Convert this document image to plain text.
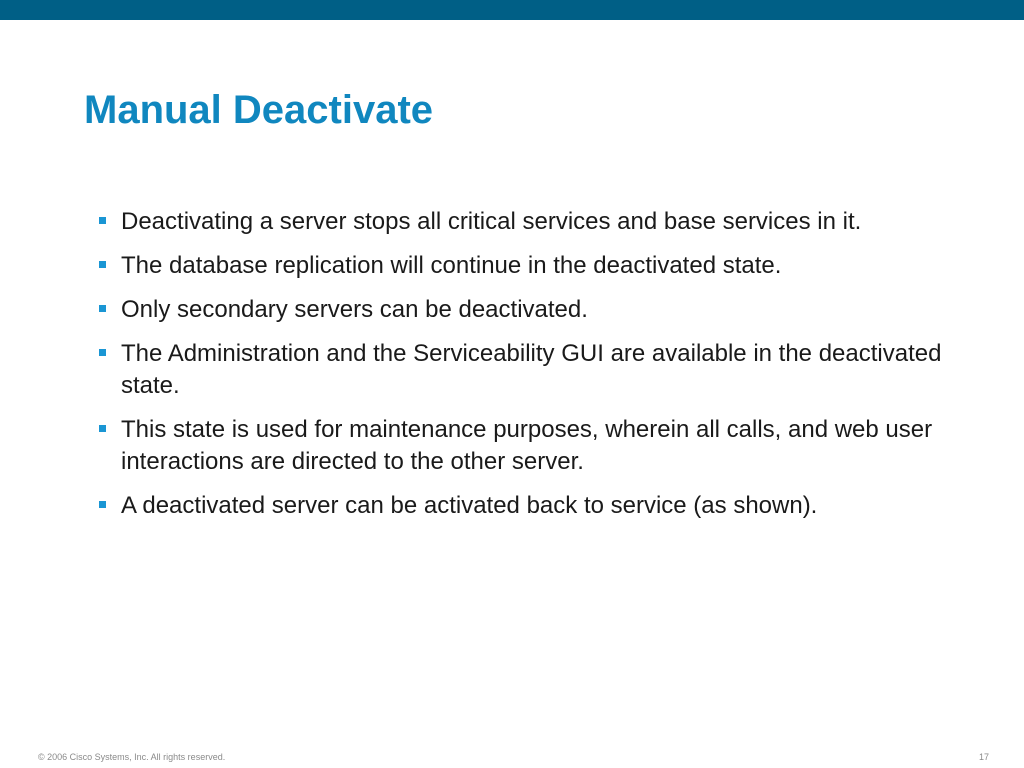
Manual Deactivate
Deactivating a server stops all critical services and base services in it.
The database replication will continue in the deactivated state.
Only secondary servers can be deactivated.
The Administration and the Serviceability GUI are available in the deactivated state.
This state is used for maintenance purposes, wherein all calls, and web user interactions are directed to the other server.
A deactivated server can be activated back to service (as shown).
© 2006 Cisco Systems, Inc. All rights reserved.	17
